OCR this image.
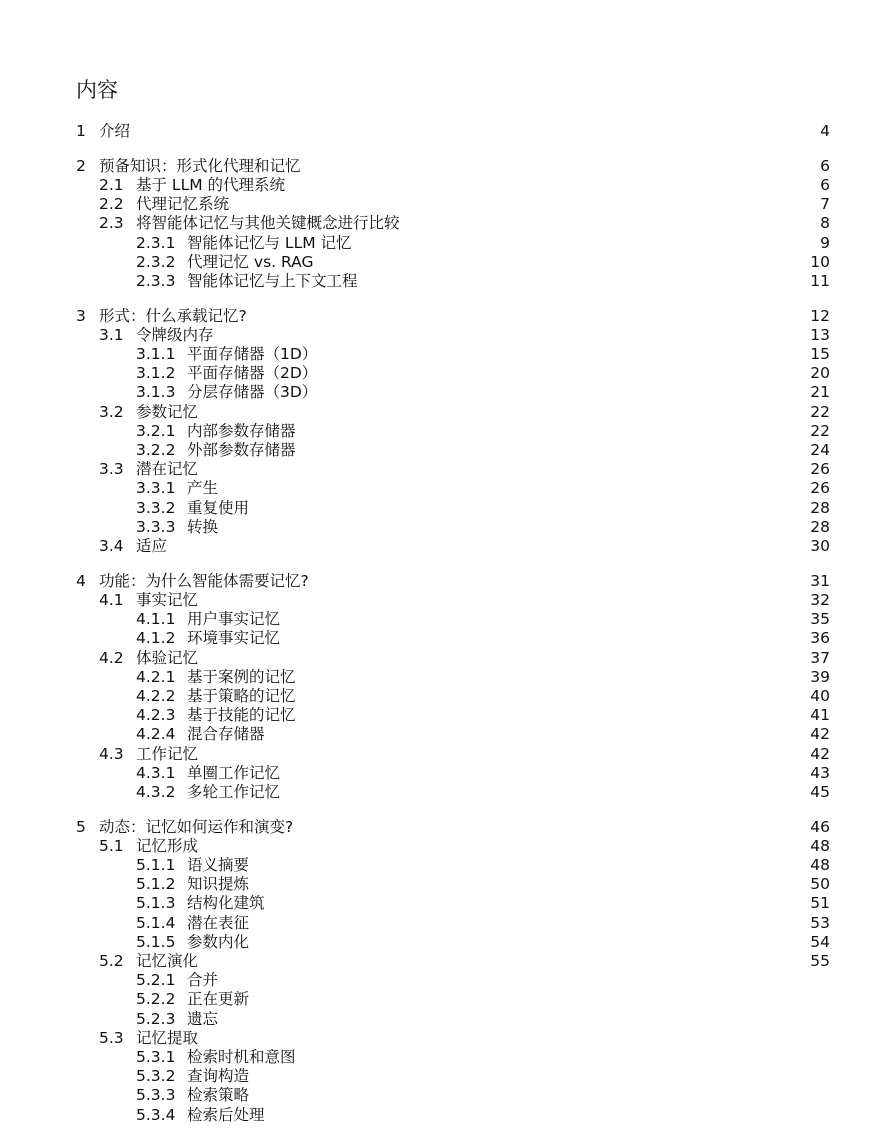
内容
1 介绍	4
2 预备知识：形式化代理和记忆	6
2.1 基于 LLM 的代理系统	6
2.2 代理记忆系统	7
2.3 将智能体记忆与其他关键概念进行比较	8
2.3.1 智能体记忆与 LLM 记忆	9
2.3.2 代理记忆 vs. RAG	10
2.3.3 智能体记忆与上下文工程	11
3 形式：什么承载记忆?	12
3.1 令牌级内存	13
3.1.1 平面存储器（1D）	15
3.1.2 平面存储器（2D）	20
3.1.3 分层存储器（3D）	21
3.2 参数记忆	22
3.2.1 内部参数存储器	22
3.2.2 外部参数存储器	24
3.3 潜在记忆	26
3.3.1 产生	26
3.3.2 重复使用	28
3.3.3 转换	28
3.4 适应	30
4 功能：为什么智能体需要记忆?	31
4.1 事实记忆	32
4.1.1 用户事实记忆	35
4.1.2 环境事实记忆	36
4.2 体验记忆	37
4.2.1 基于案例的记忆	39
4.2.2 基于策略的记忆	40
4.2.3 基于技能的记忆	41
4.2.4 混合存储器	42
4.3 工作记忆	42
4.3.1 单圈工作记忆	43
4.3.2 多轮工作记忆	45
5 动态：记忆如何运作和演变?	46
5.1 记忆形成	48
5.1.1 语义摘要	48
5.1.2 知识提炼	50
5.1.3 结构化建筑	51
5.1.4 潜在表征	53
5.1.5 参数内化	54
5.2 记忆演化	55
5.2.1 合并
5.2.2 正在更新
5.2.3 遗忘
5.3 记忆提取
5.3.1 检索时机和意图
5.3.2 查询构造
5.3.3 检索策略
5.3.4 检索后处理
